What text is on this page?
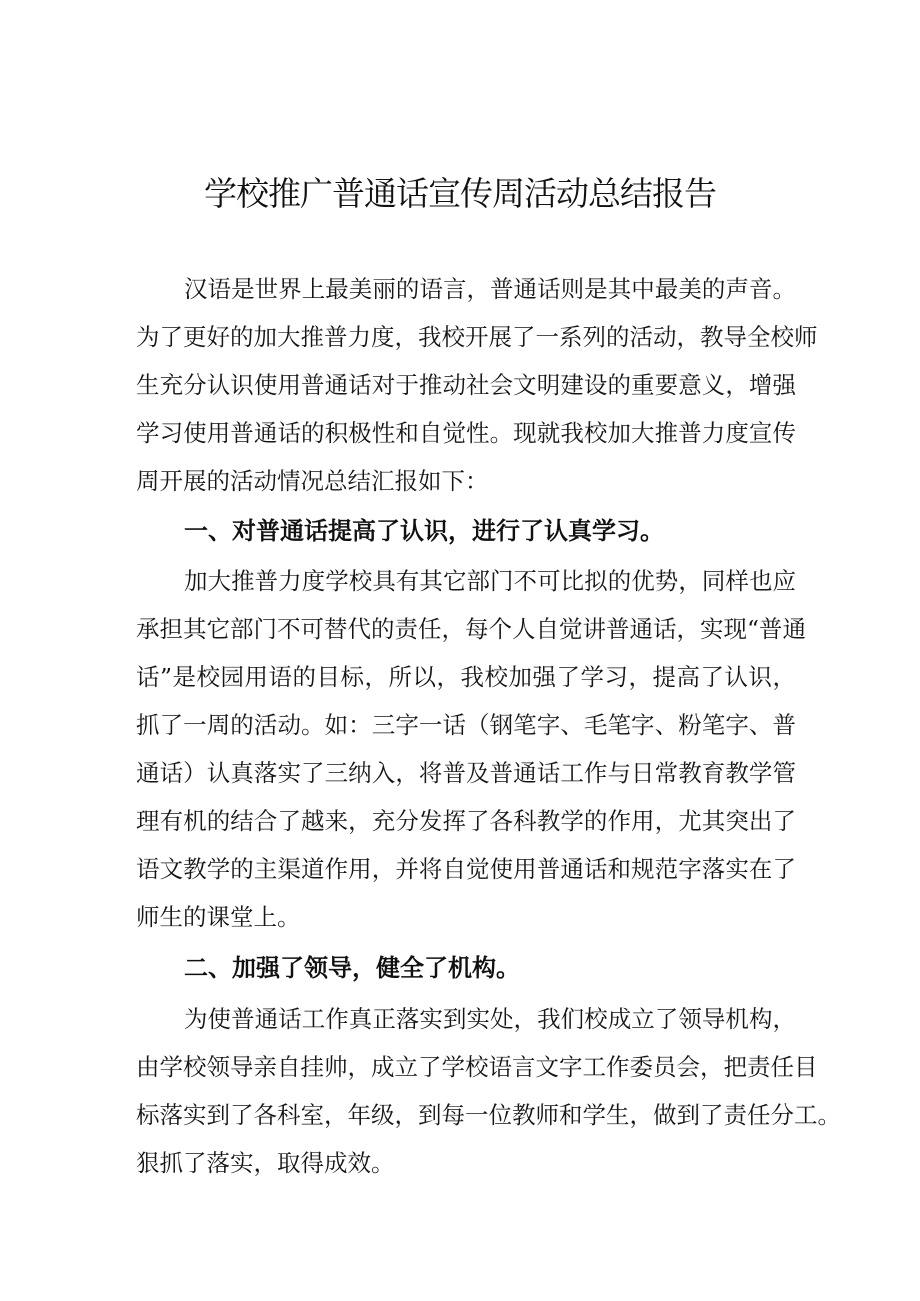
学校推广普通话宣传周活动总结报告

汉语是世界上最美丽的语言，普通话则是其中最美的声音。

为了更好的加大推普力度，我校开展了一系列的活动，教导全校师

生充分认识使用普通话对于推动社会文明建设的重要意义，增强

学习使用普通话的积极性和自觉性。现就我校加大推普力度宣传

周开展的活动情况总结汇报如下：

一、对普通话提高了认识，进行了认真学习。

加大推普力度学校具有其它部门不可比拟的优势，同样也应

承担其它部门不可替代的责任，每个人自觉讲普通话，实现“普通

话”是校园用语的目标，所以，我校加强了学习，提高了认识，

抓了一周的活动。如：三字一话（钢笔字、毛笔字、粉笔字、普

通话）认真落实了三纳入，将普及普通话工作与日常教育教学管

理有机的结合了越来，充分发挥了各科教学的作用，尤其突出了

语文教学的主渠道作用，并将自觉使用普通话和规范字落实在了

师生的课堂上。

二、加强了领导，健全了机构。

为使普通话工作真正落实到实处，我们校成立了领导机构，

由学校领导亲自挂帅，成立了学校语言文字工作委员会，把责任目

标落实到了各科室，年级，到每一位教师和学生，做到了责任分工。

狠抓了落实，取得成效。
